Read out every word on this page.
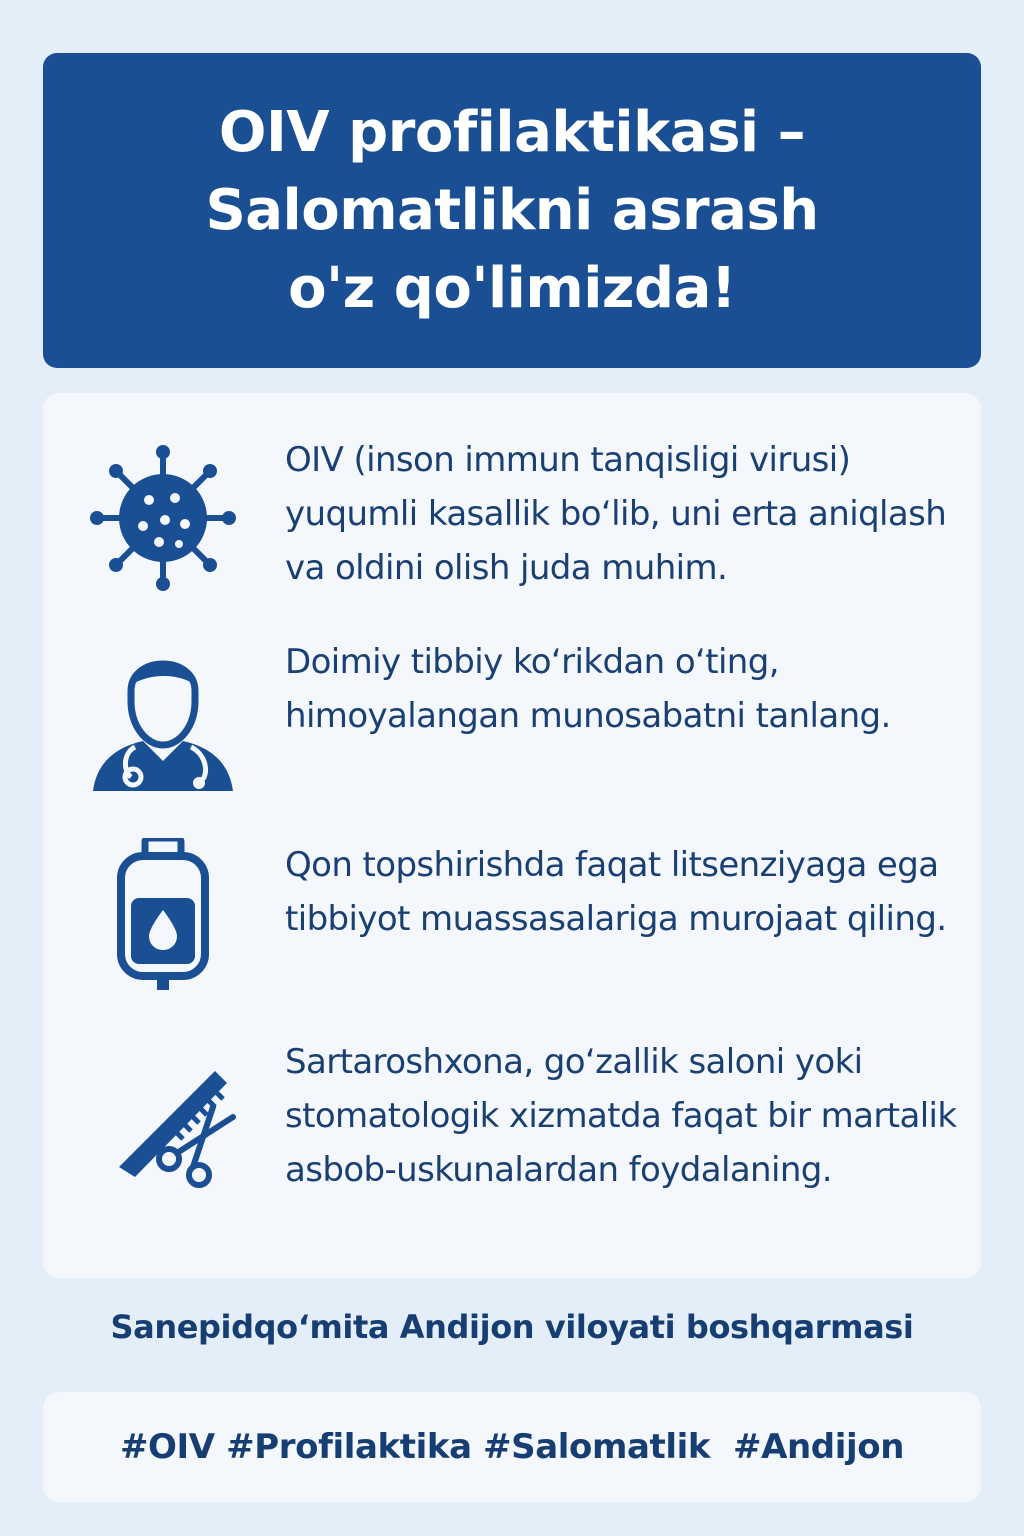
OIV profilaktikasi –
Salomatlikni asrash
o'z qo'limizda!
OIV (inson immun tanqisligi virusi) yuqumli kasallik bo‘lib, uni erta aniqlash va oldini olish juda muhim.
Doimiy tibbiy ko‘rikdan o‘ting, himoyalangan munosabatni tanlang.
Qon topshirishda faqat litsenziyaga ega tibbiyot muassasalariga murojaat qiling.
Sartaroshxona, go‘zallik saloni yoki stomatologik xizmatda faqat bir martalik asbob-uskunalardan foydalaning.
Sanepidqo‘mita Andijon viloyati boshqarmasi
#OIV #Profilaktika #Salomatlik  #Andijon
